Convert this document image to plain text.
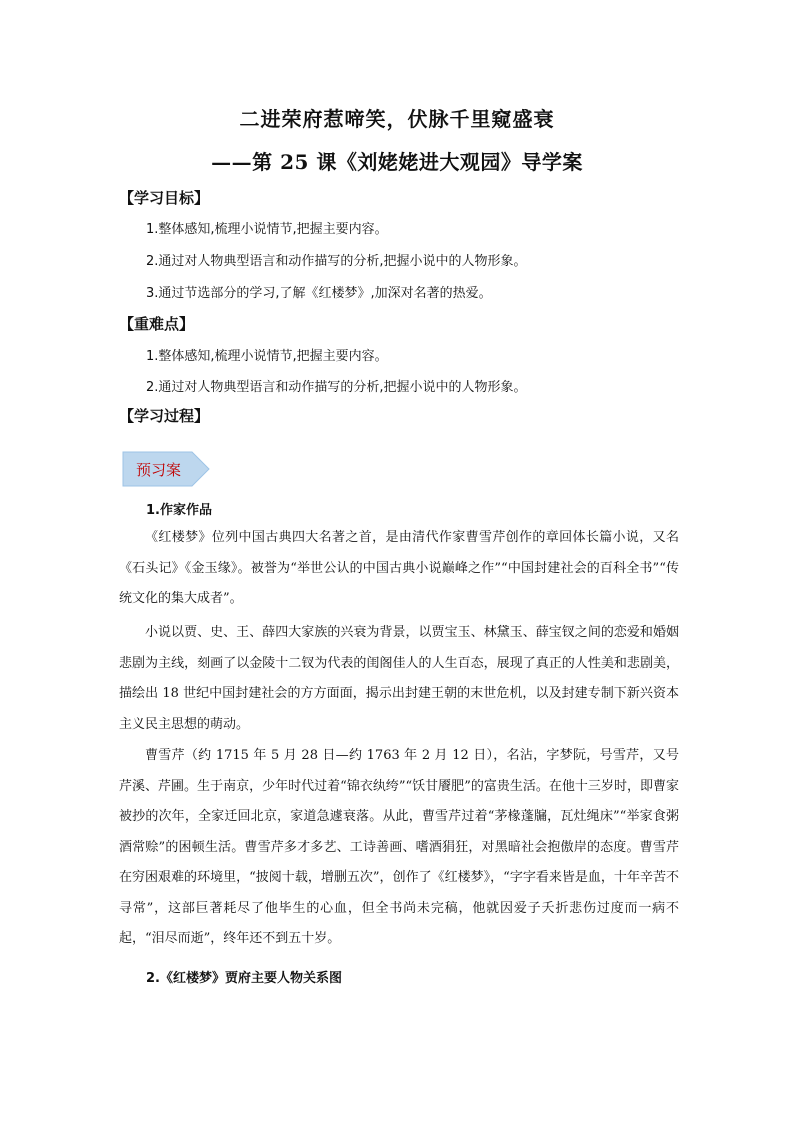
二进荣府惹啼笑，伏脉千里窥盛衰
——第 25 课《刘姥姥进大观园》导学案
【学习目标】
1.整体感知,梳理小说情节,把握主要内容。
2.通过对人物典型语言和动作描写的分析,把握小说中的人物形象。
3.通过节选部分的学习,了解《红楼梦》,加深对名著的热爱。
【重难点】
1.整体感知,梳理小说情节,把握主要内容。
2.通过对人物典型语言和动作描写的分析,把握小说中的人物形象。
【学习过程】
预习案
1.作家作品
《红楼梦》位列中国古典四大名著之首，是由清代作家曹雪芹创作的章回体长篇小说，又名《石头记》《金玉缘》。被誉为“举世公认的中国古典小说巅峰之作”“中国封建社会的百科全书”“传统文化的集大成者”。
小说以贾、史、王、薛四大家族的兴衰为背景，以贾宝玉、林黛玉、薛宝钗之间的恋爱和婚姻悲剧为主线，刻画了以金陵十二钗为代表的闺阁佳人的人生百态，展现了真正的人性美和悲剧美，描绘出 18 世纪中国封建社会的方方面面，揭示出封建王朝的末世危机，以及封建专制下新兴资本主义民主思想的萌动。
曹雪芹（约 1715 年 5 月 28 日—约 1763 年 2 月 12 日），名沾，字梦阮，号雪芹，又号芹溪、芹圃。生于南京，少年时代过着“锦衣纨绔”“饫甘餍肥”的富贵生活。在他十三岁时，即曹家被抄的次年，全家迁回北京，家道急遽衰落。从此，曹雪芹过着“茅椽蓬牖，瓦灶绳床”“举家食粥酒常赊”的困顿生活。曹雪芹多才多艺、工诗善画、嗜酒狷狂，对黑暗社会抱傲岸的态度。曹雪芹在穷困艰难的环境里，“披阅十载，增删五次”，创作了《红楼梦》，“字字看来皆是血，十年辛苦不寻常”，这部巨著耗尽了他毕生的心血，但全书尚未完稿，他就因爱子夭折悲伤过度而一病不起，“泪尽而逝”，终年还不到五十岁。
2.《红楼梦》贾府主要人物关系图
